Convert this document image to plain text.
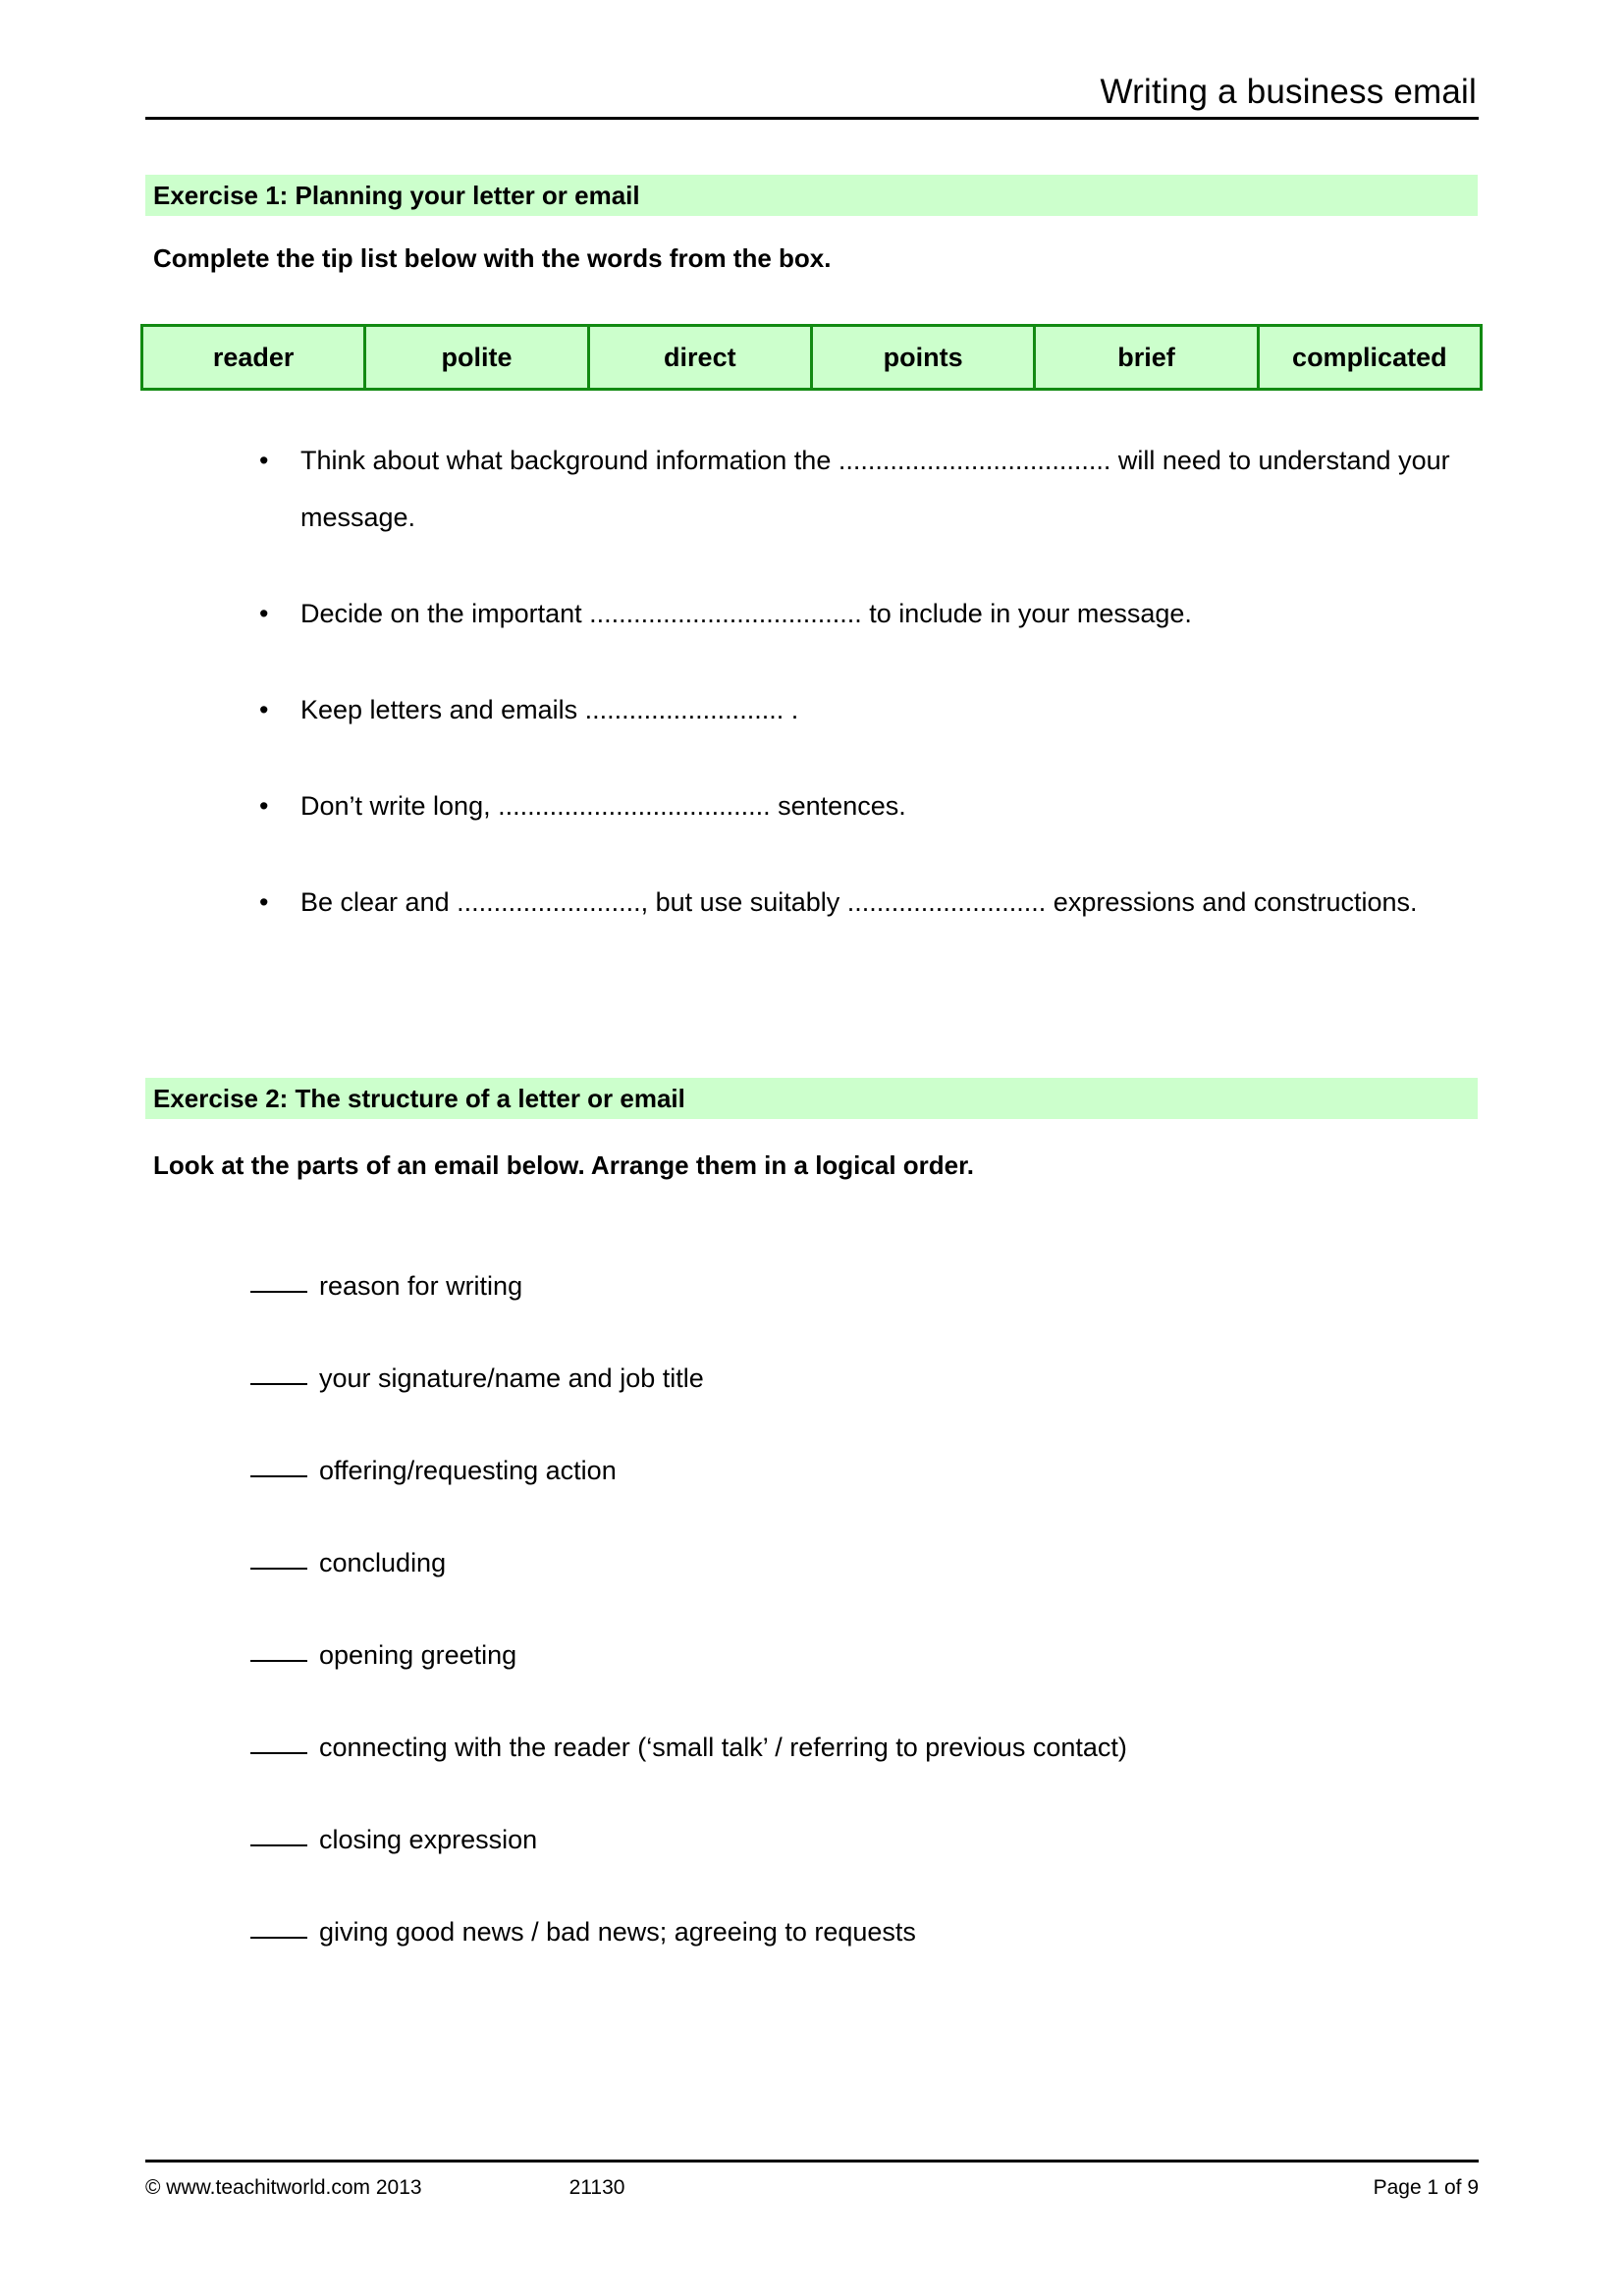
Writing a business email
Exercise 1: Planning your letter or email
Complete the tip list below with the words from the box.
reader	polite	direct	points	brief	complicated
• Think about what background information the ..................................... will need to understand your message.
• Decide on the important ..................................... to include in your message.
• Keep letters and emails ........................... .
• Don’t write long, ..................................... sentences.
• Be clear and ........................., but use suitably ........................... expressions and constructions.
Exercise 2: The structure of a letter or email
Look at the parts of an email below. Arrange them in a logical order.
reason for writing
your signature/name and job title
offering/requesting action
concluding
opening greeting
connecting with the reader (‘small talk’ / referring to previous contact)
closing expression
giving good news / bad news; agreeing to requests
© www.teachitworld.com 2013	21130	Page 1 of 9
